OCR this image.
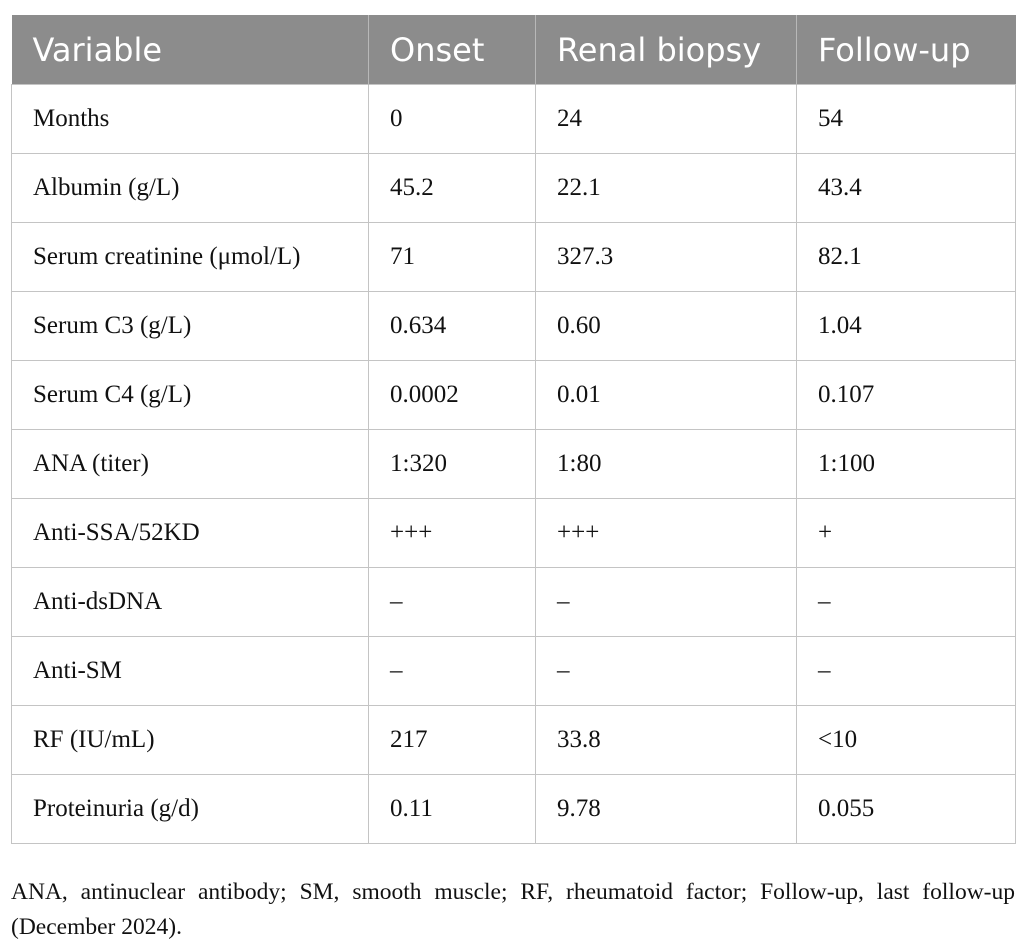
Variable	Onset	Renal biopsy	Follow-up
Months	0	24	54
Albumin (g/L)	45.2	22.1	43.4
Serum creatinine (μmol/L)	71	327.3	82.1
Serum C3 (g/L)	0.634	0.60	1.04
Serum C4 (g/L)	0.0002	0.01	0.107
ANA (titer)	1:320	1:80	1:100
Anti-SSA/52KD	+++	+++	+
Anti-dsDNA	–	–	–
Anti-SM	–	–	–
RF (IU/mL)	217	33.8	<10
Proteinuria (g/d)	0.11	9.78	0.055

ANA, antinuclear antibody; SM, smooth muscle; RF, rheumatoid factor; Follow-up, last follow-up (December 2024).
